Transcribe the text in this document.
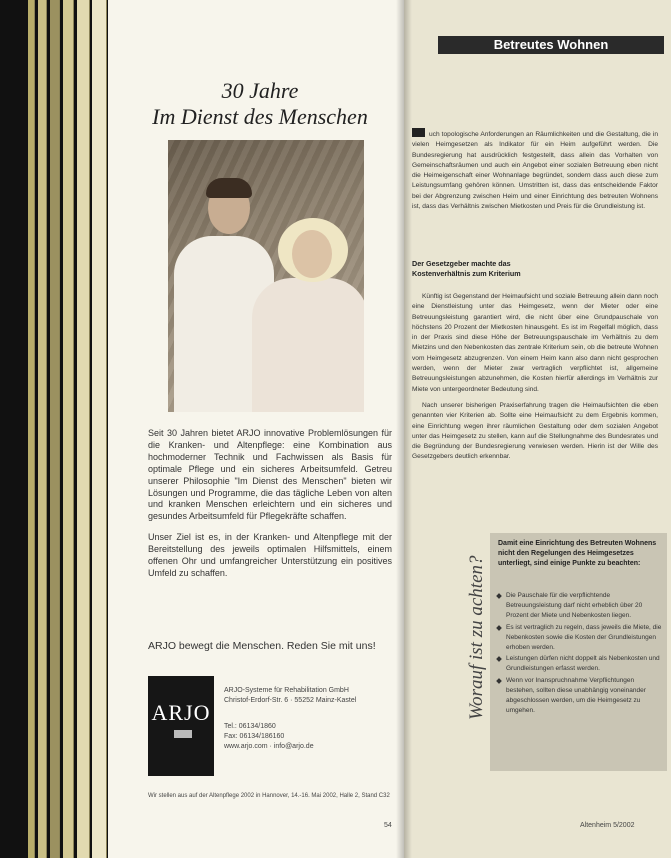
Betreutes Wohnen
30 Jahre
Im Dienst des Menschen

Seit 30 Jahren bietet ARJO innovative Problemlösungen für die Kranken- und Altenpflege: eine Kombination aus hochmoderner Technik und Fachwissen als Basis für optimale Pflege und ein sicheres Arbeitsumfeld. Getreu unserer Philosophie "Im Dienst des Menschen" bieten wir Lösungen und Programme, die das tägliche Leben von alten und kranken Menschen erleichtern und ein sicheres und gesundes Arbeitsumfeld für Pflegekräfte schaffen.

Unser Ziel ist es, in der Kranken- und Altenpflege mit der Bereitstellung des jeweils optimalen Hilfsmittels, einem offenen Ohr und umfangreicher Unterstützung ein positives Umfeld zu schaffen.

ARJO bewegt die Menschen. Reden Sie mit uns!
ARJO
ARJO-Systeme für Rehabilitation GmbH
Christof-Erdorf-Str. 6 · 55252 Mainz-Kastel
Tel.: 06134/1860
Fax: 06134/186160
www.arjo.com · info@arjo.de
Wir stellen aus auf der Altenpflege 2002 in Hannover, 14.-16. Mai 2002, Halle 2, Stand C32
54
uch topologische Anforderungen an Räumlichkeiten und die Gestaltung, die in vielen Heimgesetzen als Indikator für ein Heim aufgeführt werden. Die Bundesregierung hat ausdrücklich festgestellt, dass allein das Vorhalten von Gemeinschaftsräumen und auch ein Angebot einer sozialen Betreuung eben nicht die Heimeigenschaft einer Wohnanlage begründet, sondern dass auch diese zum Leistungsumfang gehören können. Umstritten ist, dass das entscheidende Faktor bei der Abgrenzung zwischen Heim und einer Einrichtung des betreuten Wohnens ist, dass das Verhältnis zwischen Mietkosten und Preis für die Grundleistung ist.
Der Gesetzgeber machte das
Kostenverhältnis zum Kriterium

Künftig ist Gegenstand der Heimaufsicht und soziale Betreuung allein dann noch eine Dienstleistung unter das Heimgesetz, wenn der Mieter oder eine Betreuungsleistung garantiert wird, die nicht über eine Grundpauschale von höchstens 20 Prozent der Mietkosten hinausgeht. Es ist im Regelfall möglich, dass in der Praxis sind diese Höhe der Betreuungspauschale im Verhältnis zu dem Mietzins und den Nebenkosten das zentrale Kriterium sein, ob die betreute Wohnen vom Heimgesetz abzugrenzen. Von einem Heim kann also dann nicht gesprochen werden, wenn der Mieter zwar vertraglich verpflichtet ist, allgemeine Betreuungsleistungen abzunehmen, die Kosten hierfür allerdings im Verhältnis zur Miete von untergeordneter Bedeutung sind.

Nach unserer bisherigen Praxiserfahrung tragen die Heimaufsichten die eben genannten vier Kriterien ab. Sollte eine Heimaufsicht zu dem Ergebnis kommen, eine Einrichtung wegen ihrer räumlichen Gestaltung oder dem sozialen Angebot unter das Heimgesetz zu stellen, kann auf die Stellungnahme des Bundesrates und die Begründung der Bundesregierung verwiesen werden. Hierin ist der Wille des Gesetzgebers deutlich erkennbar.

Worauf ist zu achten?
Damit eine Einrichtung des Betreuten Wohnens nicht den Regelungen des Heimgesetzes unterliegt, sind einige Punkte zu beachten:
Die Pauschale für die verpflichtende Betreuungsleistung darf nicht erheblich über 20 Prozent der Miete und Nebenkosten liegen.
Es ist vertraglich zu regeln, dass jeweils die Miete, die Nebenkosten sowie die Kosten der Grundleistungen erhoben werden.
Leistungen dürfen nicht doppelt als Nebenkosten und Grundleistungen erfasst werden.
Wenn vor Inanspruchnahme Verpflichtungen bestehen, sollten diese unabhängig voneinander abgeschlossen werden, um die Heimgesetz zu umgehen.
Altenheim 5/2002
